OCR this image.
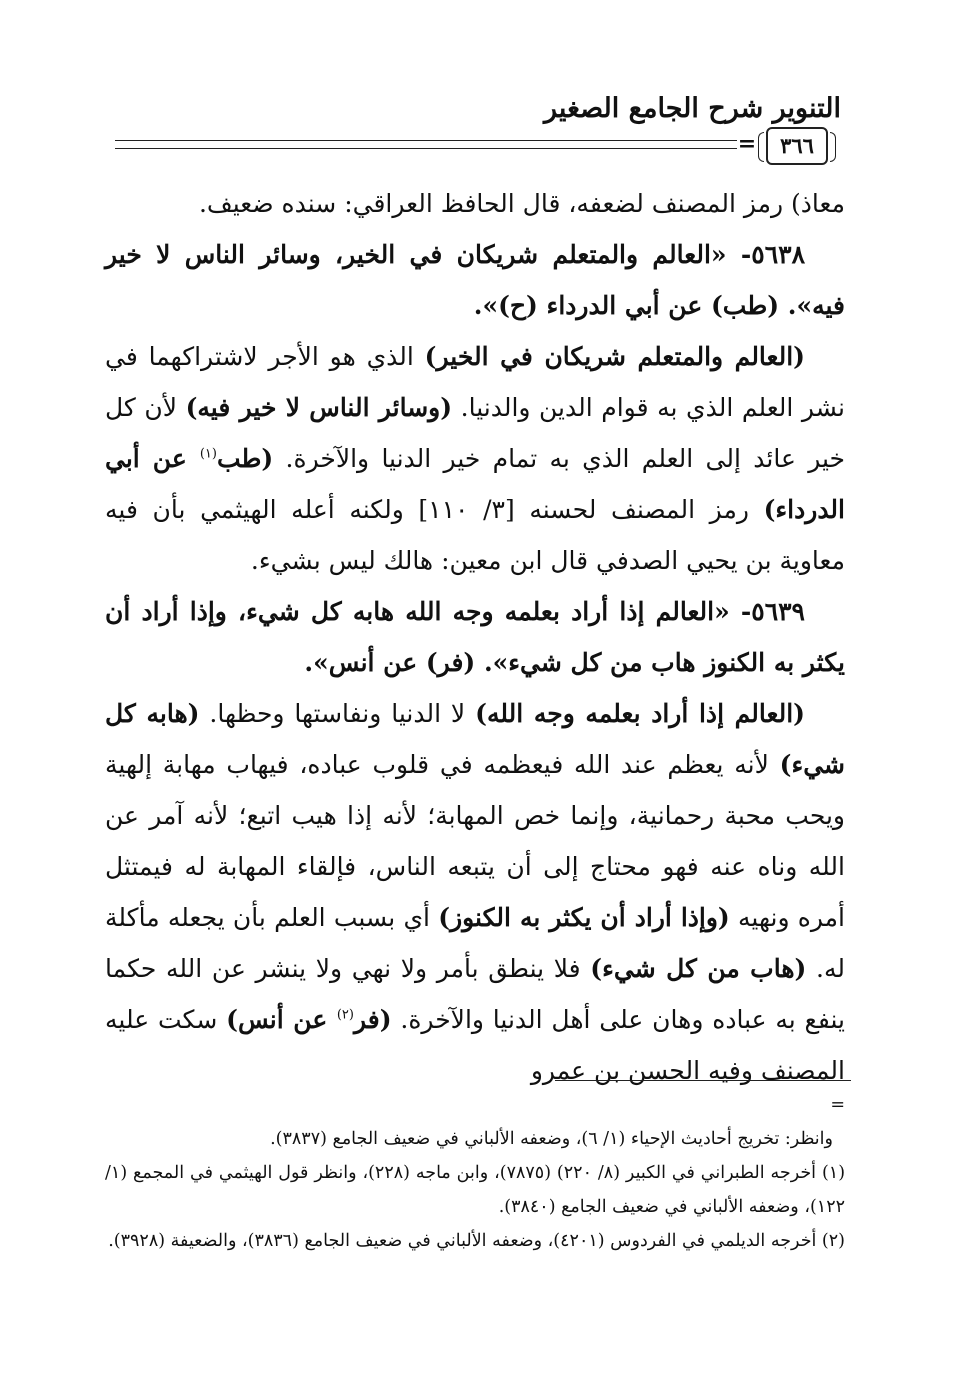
التنوير شرح الجامع الصغير
=	٣٦٦

معاذ) رمز المصنف لضعفه، قال الحافظ العراقي: سنده ضعيف.

٥٦٣٨- «العالم والمتعلم شريكان في الخير، وسائر الناس لا خير فيه». (طب) عن أبي الدرداء (ح)».

(العالم والمتعلم شريكان في الخير) الذي هو الأجر لاشتراكهما في نشر العلم الذي به قوام الدين والدنيا. (وسائر الناس لا خير فيه) لأن كل خير عائد إلى العلم الذي به تمام خير الدنيا والآخرة. (طب$^{(١)}$ عن أبي الدرداء) رمز المصنف لحسنه [٣/ ١١٠] ولكنه أعله الهيثمي بأن فيه معاوية بن يحيي الصدفي قال ابن معين: هالك ليس بشيء.

٥٦٣٩- «العالم إذا أراد بعلمه وجه الله هابه كل شيء، وإذا أراد أن يكثر به الكنوز هاب من كل شيء». (فر) عن أنس».

(العالم إذا أراد بعلمه وجه الله) لا الدنيا ونفاستها وحظها. (هابه كل شيء) لأنه يعظم عند الله فيعظمه في قلوب عباده، فيهاب مهابة إلهية ويحب محبة رحمانية، وإنما خص المهابة؛ لأنه إذا هيب اتبع؛ لأنه آمر عن الله وناه عنه فهو محتاج إلى أن يتبعه الناس، فإلقاء المهابة له فيمتثل أمره ونهيه (وإذا أراد أن يكثر به الكنوز) أي بسبب العلم بأن يجعله مأكلة له. (هاب من كل شيء) فلا ينطق بأمر ولا نهي ولا ينشر عن الله حكما ينفع به عباده وهان على أهل الدنيا والآخرة. (فر$^{(٢)}$ عن أنس) سكت عليه المصنف وفيه الحسن بن عمرو

=

وانظر: تخريج أحاديث الإحياء (١/ ٦)، وضعفه الألباني في ضعيف الجامع (٣٨٣٧).

(١) أخرجه الطبراني في الكبير (٨/ ٢٢٠) (٧٨٧٥)، وابن ماجه (٢٢٨)، وانظر قول الهيثمي في المجمع (١/ ١٢٢)، وضعفه الألباني في ضعيف الجامع (٣٨٤٠).

(٢) أخرجه الديلمي في الفردوس (٤٢٠١)، وضعفه الألباني في ضعيف الجامع (٣٨٣٦)، والضعيفة (٣٩٢٨).
